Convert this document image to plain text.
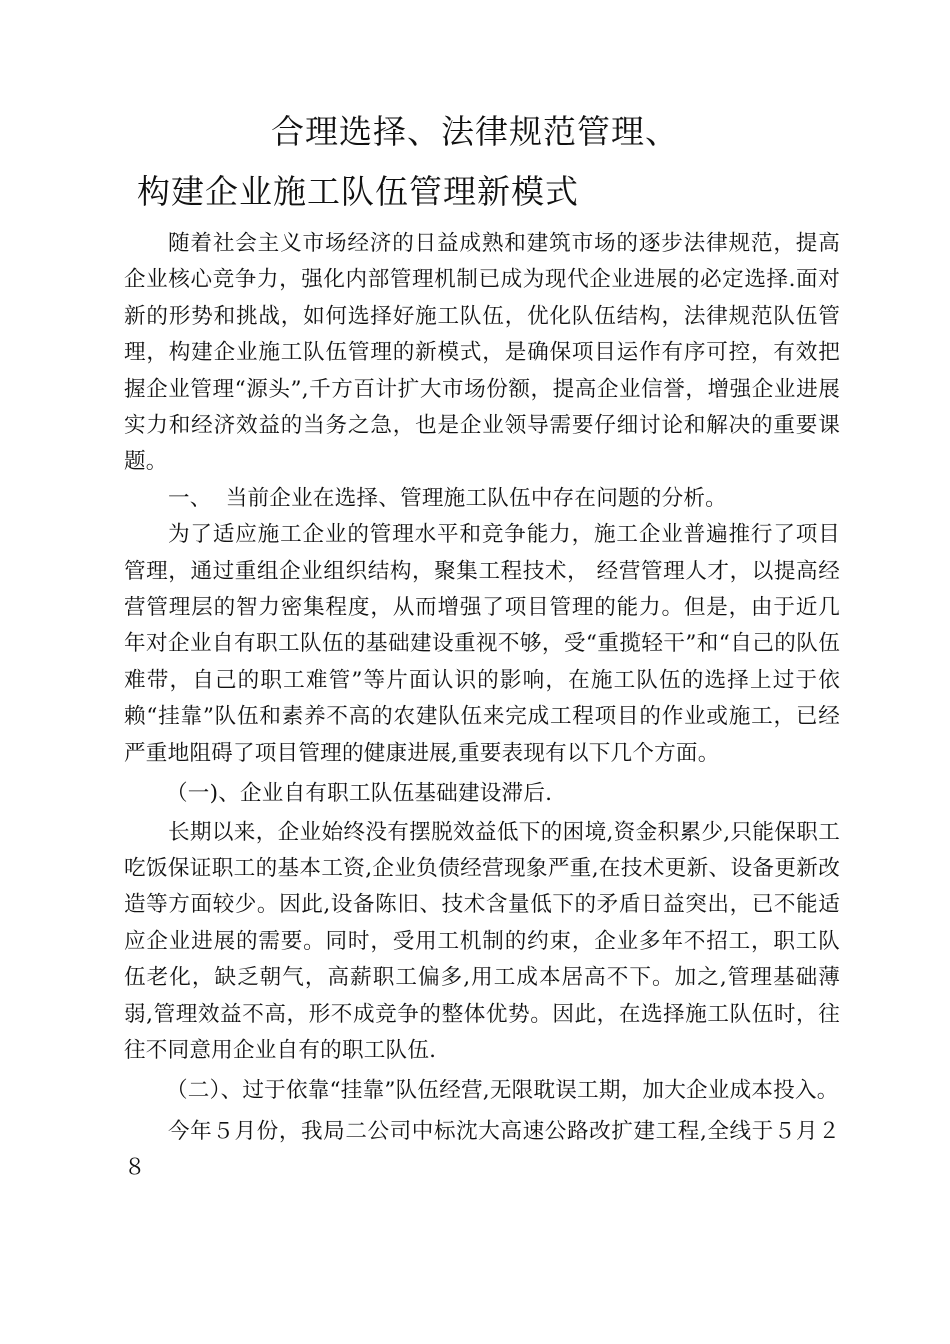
合理选择、法律规范管理、
构建企业施工队伍管理新模式

随着社会主义市场经济的日益成熟和建筑市场的逐步法律规范，提高企业核心竞争力，强化内部管理机制已成为现代企业进展的必定选择.面对新的形势和挑战，如何选择好施工队伍，优化队伍结构，法律规范队伍管理，构建企业施工队伍管理的新模式，是确保项目运作有序可控，有效把握企业管理“源头”,千方百计扩大市场份额，提高企业信誉，增强企业进展实力和经济效益的当务之急，也是企业领导需要仔细讨论和解决的重要课题。

一、  当前企业在选择、管理施工队伍中存在问题的分析。

为了适应施工企业的管理水平和竞争能力，施工企业普遍推行了项目管理，通过重组企业组织结构，聚集工程技术， 经营管理人才，以提高经营管理层的智力密集程度，从而增强了项目管理的能力。但是，由于近几年对企业自有职工队伍的基础建设重视不够，受“重揽轻干”和“自己的队伍难带，自己的职工难管”等片面认识的影响，在施工队伍的选择上过于依赖“挂靠”队伍和素养不高的农建队伍来完成工程项目的作业或施工，已经严重地阻碍了项目管理的健康进展,重要表现有以下几个方面。

（一)、企业自有职工队伍基础建设滞后.

长期以来，企业始终没有摆脱效益低下的困境,资金积累少,只能保职工吃饭保证职工的基本工资,企业负债经营现象严重,在技术更新、设备更新改造等方面较少。因此,设备陈旧、技术含量低下的矛盾日益突出，已不能适应企业进展的需要。同时，受用工机制的约束，企业多年不招工，职工队伍老化，缺乏朝气，高薪职工偏多,用工成本居高不下。加之,管理基础薄弱,管理效益不高，形不成竞争的整体优势。因此，在选择施工队伍时，往往不同意用企业自有的职工队伍.

（二）、过于依靠“挂靠”队伍经营,无限耽误工期，加大企业成本投入。

今年５月份，我局二公司中标沈大高速公路改扩建工程,全线于５月２８
